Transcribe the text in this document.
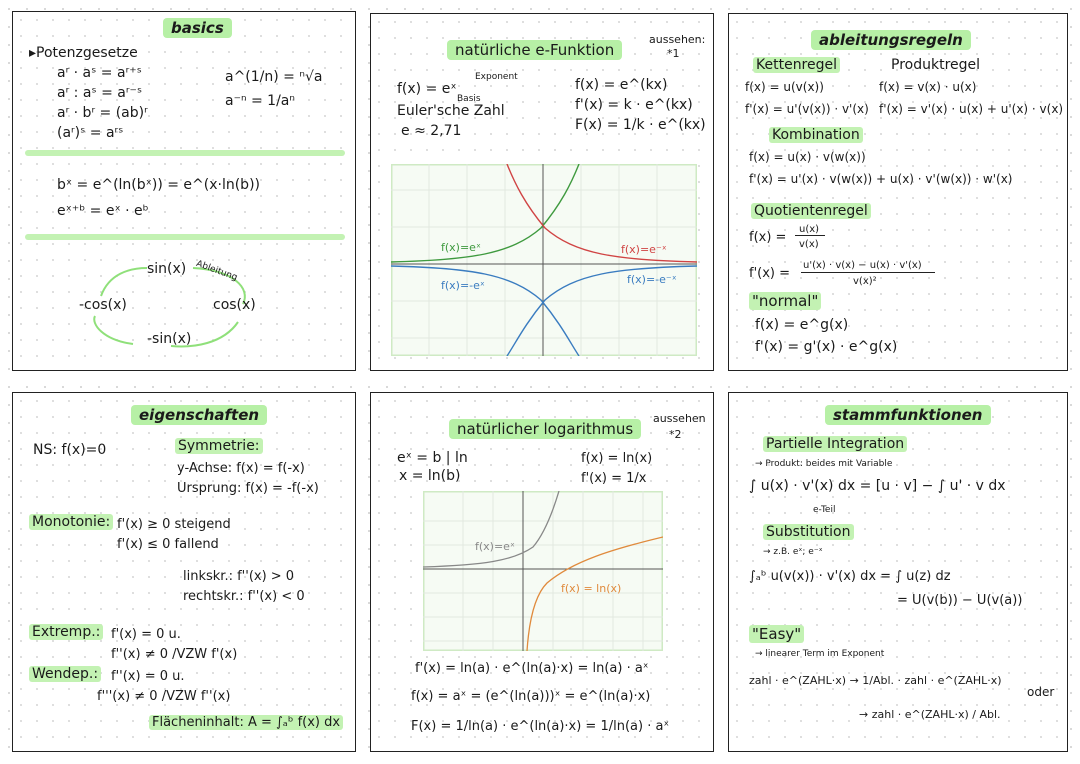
basics
▸Potenzgesetze
aʳ · aˢ = aʳ⁺ˢ
aʳ : aˢ = aʳ⁻ˢ
aʳ · bʳ = (ab)ʳ
(aʳ)ˢ = aʳˢ
a^(1/n) = ⁿ√a
a⁻ⁿ = 1/aⁿ
bˣ = e^(ln(bˣ)) = e^(x·ln(b))
eˣ⁺ᵇ = eˣ · eᵇ
sin(x) Ableitung
cos(x)
-sin(x)
-cos(x)
natürliche e-Funktion
aussehen:
*1
f(x) = eˣ
Exponent
Basis
Euler'sche Zahl
e ≈ 2,71
f(x) = e^(kx)
f'(x) = k · e^(kx)
F(x) = 1/k · e^(kx)
f(x)=eˣ	f(x)=e⁻ˣ
f(x)=-eˣ	f(x)=-e⁻ˣ
ableitungsregeln
Kettenregel
f(x) = u(v(x))
f'(x) = u'(v(x)) · v'(x)
Produktregel
f(x) = v(x) · u(x)
f'(x) = v'(x) · u(x) + u'(x) · v(x)
Kombination
f(x) = u(x) · v(w(x))
f'(x) = u'(x) · v(w(x)) + u(x) · v'(w(x)) · w'(x)
Quotientenregel
f(x) =
u(x)
v(x)
f'(x) =
u'(x) · v(x) − u(x) · v'(x)
v(x)²
"normal"
f(x) = e^g(x)
f'(x) = g'(x) · e^g(x)
eigenschaften
NS: f(x)=0	Symmetrie:
y-Achse: f(x) = f(-x)
Ursprung: f(x) = -f(-x)
Monotonie: f'(x) ≥ 0 steigend
f'(x) ≤ 0 fallend
linkskr.: f''(x) > 0
rechtskr.: f''(x) < 0
Extremp.: f'(x) = 0 u.
f''(x) ≠ 0 /VZW f'(x)
Wendep.: f''(x) = 0 u.
f'''(x) ≠ 0 /VZW f''(x)
Flächeninhalt: A = ∫ₐᵇ f(x) dx
natürlicher logarithmus
aussehen
*2
eˣ = b | ln
x = ln(b)
f(x) = ln(x)
f'(x) = 1/x
f(x)=eˣ
f(x) = ln(x)
f'(x) = ln(a) · e^(ln(a)·x) = ln(a) · aˣ
f(x) = aˣ = (e^(ln(a)))ˣ = e^(ln(a)·x)
F(x) = 1/ln(a) · e^(ln(a)·x) = 1/ln(a) · aˣ
stammfunktionen
Partielle Integration
→ Produkt: beides mit Variable
∫ u(x) · v'(x) dx = [u · v] − ∫ u' · v dx
e-Teil
Substitution
→ z.B. eˣ; e⁻ˣ
∫ₐᵇ u(v(x)) · v'(x) dx = ∫ u(z) dz
= U(v(b)) − U(v(a))
"Easy"
→ linearer Term im Exponent
zahl · e^(ZAHL·x) → 1/Abl. · zahl · e^(ZAHL·x)
oder
→ zahl · e^(ZAHL·x) / Abl.
